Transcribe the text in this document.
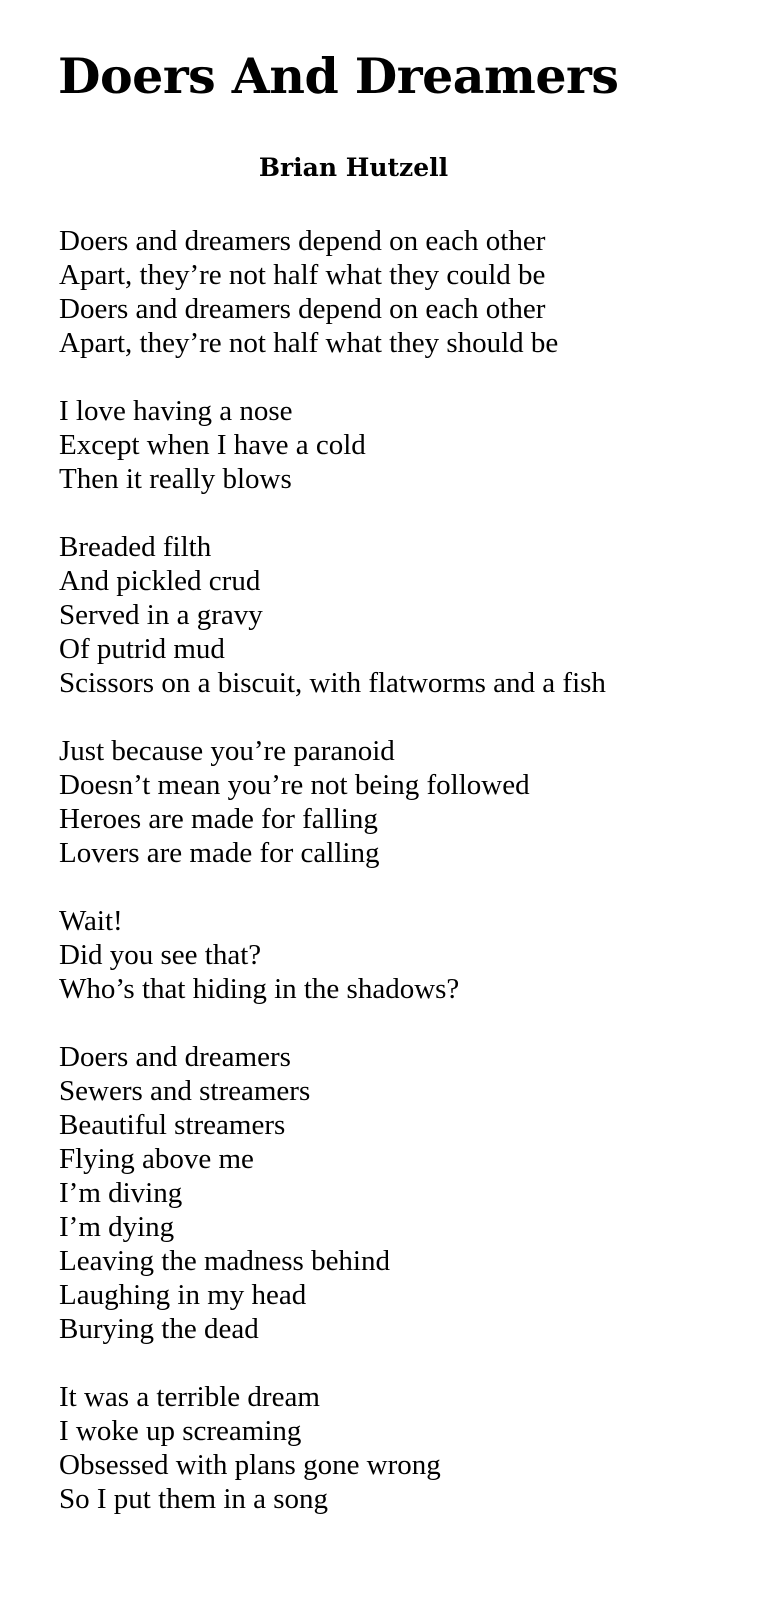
Doers And Dreamers
Brian Hutzell
Doers and dreamers depend on each other
Apart, they’re not half what they could be
Doers and dreamers depend on each other
Apart, they’re not half what they should be
I love having a nose
Except when I have a cold
Then it really blows
Breaded filth
And pickled crud
Served in a gravy
Of putrid mud
Scissors on a biscuit, with flatworms and a fish
Just because you’re paranoid
Doesn’t mean you’re not being followed
Heroes are made for falling
Lovers are made for calling
Wait!
Did you see that?
Who’s that hiding in the shadows?
Doers and dreamers
Sewers and streamers
Beautiful streamers
Flying above me
I’m diving
I’m dying
Leaving the madness behind
Laughing in my head
Burying the dead
It was a terrible dream
I woke up screaming
Obsessed with plans gone wrong
So I put them in a song
